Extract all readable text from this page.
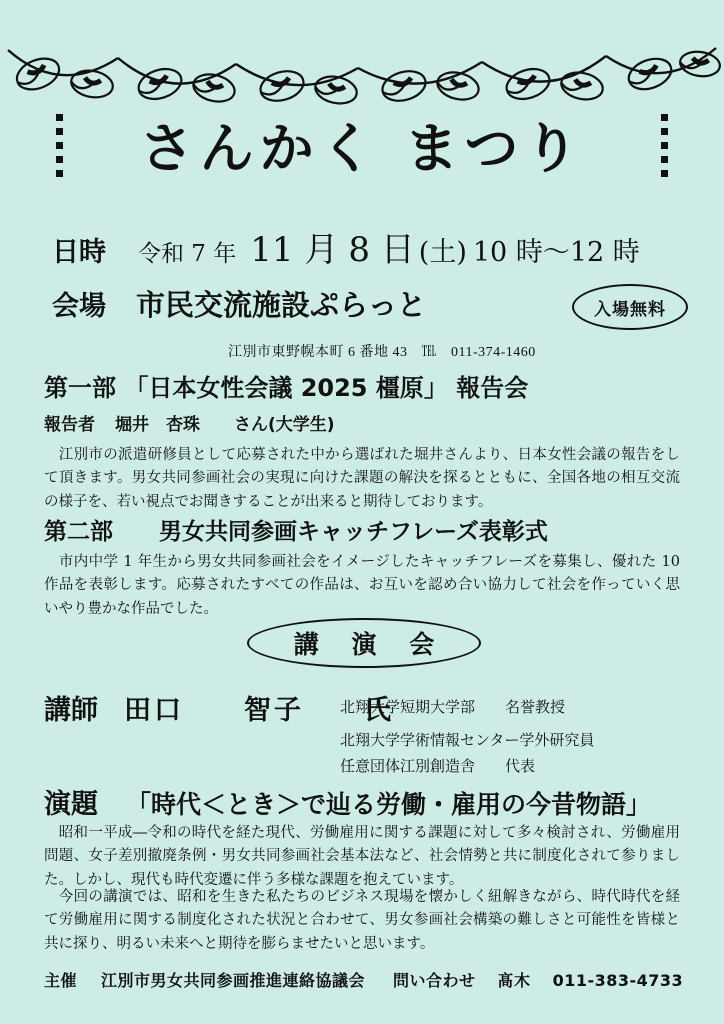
さんかく まつり
日時 令和 7 年 11 月 8 日 (土) 10 時～12 時
会場 市民交流施設ぷらっと	入場無料
江別市東野幌本町 6 番地 43　℡　011-374-1460
第一部 「日本女性会議 2025 橿原」 報告会
報告者 堀井　杏珠　　さん(大学生)
　江別市の派遣研修員として応募された中から選ばれた堀井さんより、日本女性会議の報告をして頂きます。男女共同参画社会の実現に向けた課題の解決を探るとともに、全国各地の相互交流の様子を、若い視点でお聞きすることが出来ると期待しております。
第二部　　男女共同参画キャッチフレーズ表彰式
　市内中学 1 年生から男女共同参画社会をイメージしたキャッチフレーズを募集し、優れた 10 作品を表彰します。応募されたすべての作品は、お互いを認め合い協力して社会を作っていく思いやり豊かな作品でした。
講 演 会
講師 田口　　智子　　氏
北翔大学短期大学部　　名誉教授
北翔大学学術情報センター学外研究員
任意団体江別創造舎　　代表
演題 「時代＜とき＞で辿る労働・雇用の今昔物語」
　昭和一平成―令和の時代を経た現代、労働雇用に関する課題に対して多々検討され、労働雇用問題、女子差別撤廃条例・男女共同参画社会基本法など、社会情勢と共に制度化されて参りました。しかし、現代も時代変遷に伴う多様な課題を抱えています。
　今回の講演では、昭和を生きた私たちのビジネス現場を懐かしく紐解きながら、時代時代を経て労働雇用に関する制度化された状況と合わせて、男女参画社会構築の難しさと可能性を皆様と共に探り、明るい未来へと期待を膨らませたいと思います。
主催 江別市男女共同参画推進連絡協議会 問い合わせ 髙木 011-383-4733
